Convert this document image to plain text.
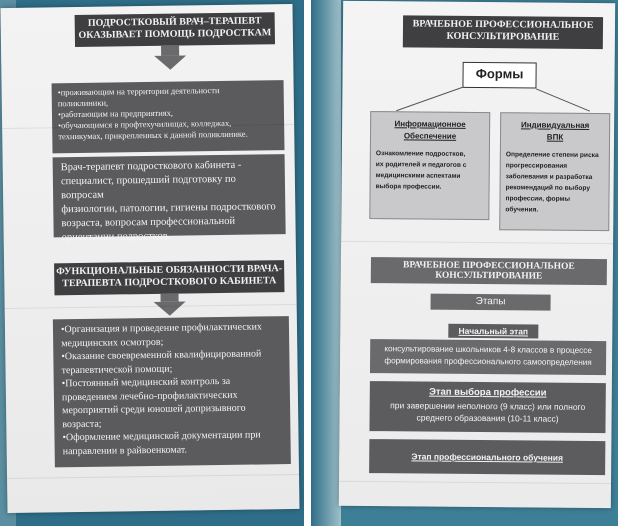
ПОДРОСТКОВЫЙ ВРАЧ–ТЕРАПЕВТ
ОКАЗЫВАЕТ ПОМОЩЬ ПОДРОСТКАМ
•проживающим на территории деятельности
поликлиники,
•работающим на предприятиях,
•обучающимся в профтехучилищах, колледжах,
техникумах, прикрепленных к данной поликлинике.
Врач-терапевт подросткового кабинета -
специалист, прошедший подготовку по вопросам
физиологии, патологии, гигиены подросткового
возраста, вопросам профессиональной
ориентации подростков.
ФУНКЦИОНАЛЬНЫЕ ОБЯЗАННОСТИ ВРАЧА-
ТЕРАПЕВТА ПОДРОСТКОВОГО КАБИНЕТА
•Организация и проведение профилактических
медицинских осмотров;
•Оказание своевременной квалифицированной
терапевтической помощи;
•Постоянный медицинский контроль за
проведением лечебно-профилактических
мероприятий среди юношей допризывного
возраста;
•Оформление медицинской документации при
направлении в райвоенкомат.
ВРАЧЕБНОЕ ПРОФЕССИОНАЛЬНОЕ
КОНСУЛЬТИРОВАНИЕ
Формы
Информационное
Обеспечение
Ознакомление подростков,
их родителей и педагогов с
медицинскими аспектами
выбора профессии.
Индивидуальная
ВПК
Определение степени риска
прогрессирования
заболевания и разработка
рекомендаций по выбору
профессии, формы обучения.
ВРАЧЕБНОЕ ПРОФЕССИОНАЛЬНОЕ
КОНСУЛЬТИРОВАНИЕ
Этапы
Начальный этап
консультирование школьников 4-8 классов в процессе
формирования профессионального самоопределения
Этап выбора профессии
при завершении неполного (9 класс) или полного
среднего образования (10-11 класс)
Этап профессионального обучения
